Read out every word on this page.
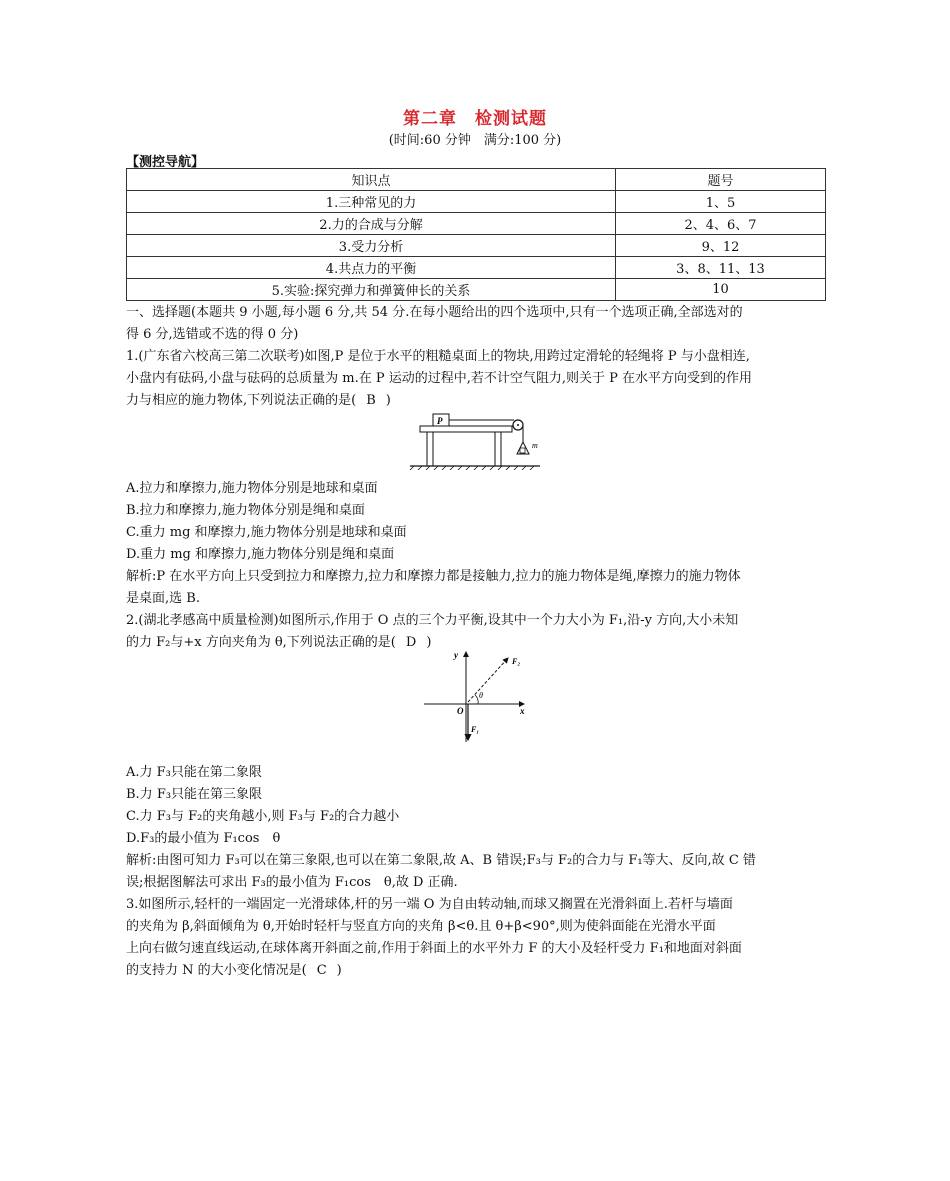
第二章　检测试题
(时间:60 分钟　满分:100 分)
【测控导航】
知识点	题号
1.三种常见的力	1、5
2.力的合成与分解	2、4、6、7
3.受力分析	9、12
4.共点力的平衡	3、8、11、13
5.实验:探究弹力和弹簧伸长的关系	10
一、选择题(本题共 9 小题,每小题 6 分,共 54 分.在每小题给出的四个选项中,只有一个选项正确,全部选对的
得 6 分,选错或不选的得 0 分)
1.(广东省六校高三第二次联考)如图,P 是位于水平的粗糙桌面上的物块,用跨过定滑轮的轻绳将 P 与小盘相连,
小盘内有砝码,小盘与砝码的总质量为 m.在 P 运动的过程中,若不计空气阻力,则关于 P 在水平方向受到的作用
力与相应的施力物体,下列说法正确的是( B )
P
m
A.拉力和摩擦力,施力物体分别是地球和桌面
B.拉力和摩擦力,施力物体分别是绳和桌面
C.重力 mg 和摩擦力,施力物体分别是地球和桌面
D.重力 mg 和摩擦力,施力物体分别是绳和桌面
解析:P 在水平方向上只受到拉力和摩擦力,拉力和摩擦力都是接触力,拉力的施力物体是绳,摩擦力的施力物体
是桌面,选 B.
2.(湖北孝感高中质量检测)如图所示,作用于 O 点的三个力平衡,设其中一个力大小为 F₁,沿-y 方向,大小未知
的力 F₂与+x 方向夹角为 θ,下列说法正确的是( D )
y
x
O
F₁
F₂
θ
A.力 F₃只能在第二象限
B.力 F₃只能在第三象限
C.力 F₃与 F₂的夹角越小,则 F₃与 F₂的合力越小
D.F₃的最小值为 F₁cos　θ
解析:由图可知力 F₃可以在第三象限,也可以在第二象限,故 A、B 错误;F₃与 F₂的合力与 F₁等大、反向,故 C 错
误;根据图解法可求出 F₃的最小值为 F₁cos　θ,故 D 正确.
3.如图所示,轻杆的一端固定一光滑球体,杆的另一端 O 为自由转动轴,而球又搁置在光滑斜面上.若杆与墙面
的夹角为 β,斜面倾角为 θ,开始时轻杆与竖直方向的夹角 β<θ.且 θ+β<90°,则为使斜面能在光滑水平面
上向右做匀速直线运动,在球体离开斜面之前,作用于斜面上的水平外力 F 的大小及轻杆受力 F₁和地面对斜面
的支持力 N 的大小变化情况是( C )
